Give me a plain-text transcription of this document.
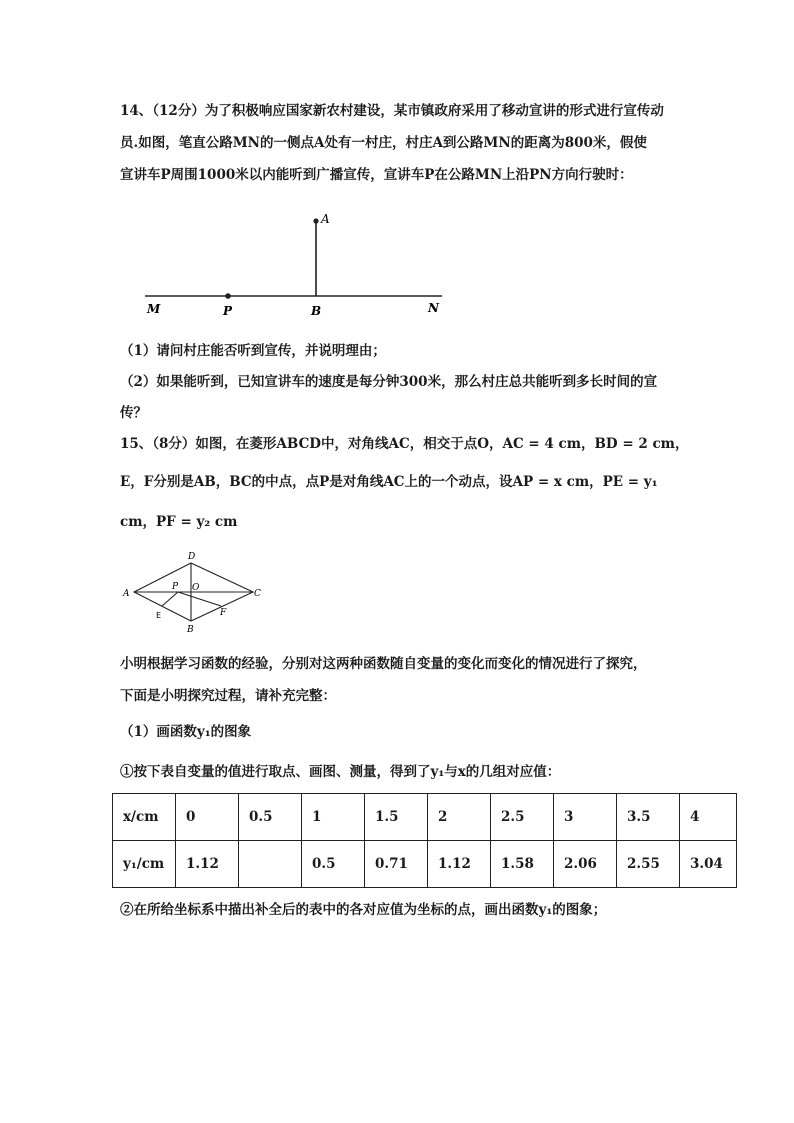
14、（12分）为了积极响应国家新农村建设，某市镇政府采用了移动宣讲的形式进行宣传动
员.如图，笔直公路MN的一侧点A处有一村庄，村庄A到公路MN的距离为800米，假使
宣讲车P周围1000米以内能听到广播宣传，宣讲车P在公路MN上沿PN方向行驶时：
A
M	P	B	N
（1）请问村庄能否听到宣传，并说明理由；
（2）如果能听到，已知宣讲车的速度是每分钟300米，那么村庄总共能听到多长时间的宣
传？
15、（8分）如图，在菱形ABCD中，对角线AC，相交于点O，AC = 4 cm，BD = 2 cm，
E，F分别是AB，BC的中点，点P是对角线AC上的一个动点，设AP = x cm，PE = y₁
cm，PF = y₂ cm
A
D
C
B
O
P
E	F
小明根据学习函数的经验，分别对这两种函数随自变量的变化而变化的情况进行了探究，
下面是小明探究过程，请补充完整：
（1）画函数y₁的图象
①按下表自变量的值进行取点、画图、测量，得到了y₁与x的几组对应值：
x/cm	0	0.5	1	1.5	2	2.5	3	3.5	4
y₁/cm	1.12		0.5	0.71	1.12	1.58	2.06	2.55	3.04
②在所给坐标系中描出补全后的表中的各对应值为坐标的点，画出函数y₁的图象；
